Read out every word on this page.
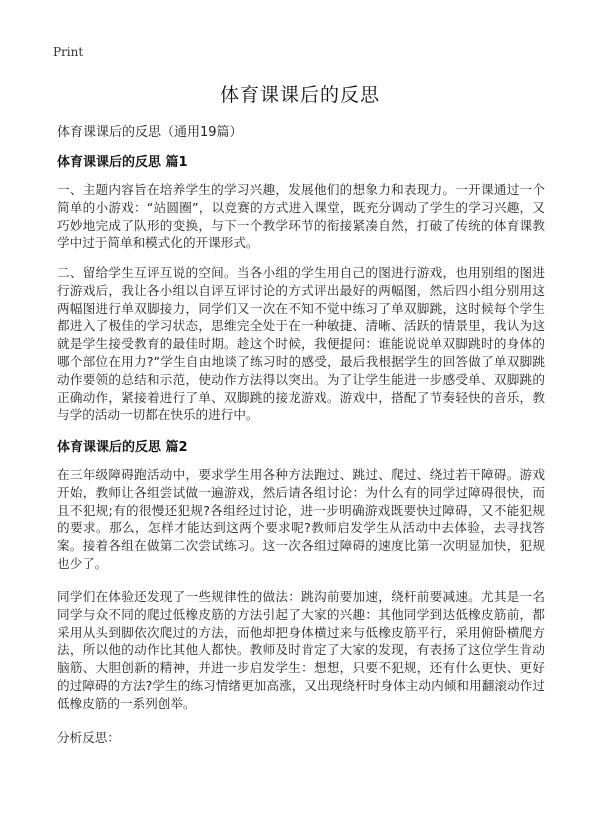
Print
体育课课后的反思

体育课课后的反思（通用19篇）

体育课课后的反思 篇1

一、主题内容旨在培养学生的学习兴趣，发展他们的想象力和表现力。一开课通过一个简单的小游戏：“站圆圈”，以竞赛的方式进入课堂，既充分调动了学生的学习兴趣，又巧妙地完成了队形的变换，与下一个教学环节的衔接紧凑自然，打破了传统的体育课教学中过于简单和模式化的开课形式。

二、留给学生互评互说的空间。当各小组的学生用自己的图进行游戏，也用别组的图进行游戏后，我让各小组以自评互评讨论的方式评出最好的两幅图，然后四小组分别用这两幅图进行单双脚接力，同学们又一次在不知不觉中练习了单双脚跳，这时候每个学生都进入了极佳的学习状态，思维完全处于在一种敏捷、清晰、活跃的情景里，我认为这就是学生接受教育的最佳时期。趁这个时候，我便提问：谁能说说单双脚跳时的身体的哪个部位在用力?”学生自由地谈了练习时的感受，最后我根据学生的回答做了单双脚跳动作要领的总结和示范，使动作方法得以突出。为了让学生能进一步感受单、双脚跳的正确动作，紧接着进行了单、双脚跳的接龙游戏。游戏中，搭配了节奏轻快的音乐，教与学的活动一切都在快乐的进行中。

体育课课后的反思 篇2

在三年级障碍跑活动中，要求学生用各种方法跑过、跳过、爬过、绕过若干障碍。游戏开始，教师让各组尝试做一遍游戏，然后请各组讨论：为什么有的同学过障碍很快，而且不犯规;有的很慢还犯规?各组经过讨论，进一步明确游戏既要快过障碍，又不能犯规的要求。那么，怎样才能达到这两个要求呢?教师启发学生从活动中去体验，去寻找答案。接着各组在做第二次尝试练习。这一次各组过障碍的速度比第一次明显加快，犯规也少了。

同学们在体验还发现了一些规律性的做法：跳沟前要加速，绕杆前要减速。尤其是一名同学与众不同的爬过低橡皮筋的方法引起了大家的兴趣：其他同学到达低橡皮筋前，都采用从头到脚依次爬过的方法，而他却把身体横过来与低橡皮筋平行，采用俯卧横爬方法，所以他的动作比其他人都快。教师及时肯定了大家的发现，有表扬了这位学生肯动脑筋、大胆创新的精神，并进一步启发学生：想想，只要不犯规，还有什么更快、更好的过障碍的方法?学生的练习情绪更加高涨，又出现绕杆时身体主动内倾和用翻滚动作过低橡皮筋的一系列创举。

分析反思：
